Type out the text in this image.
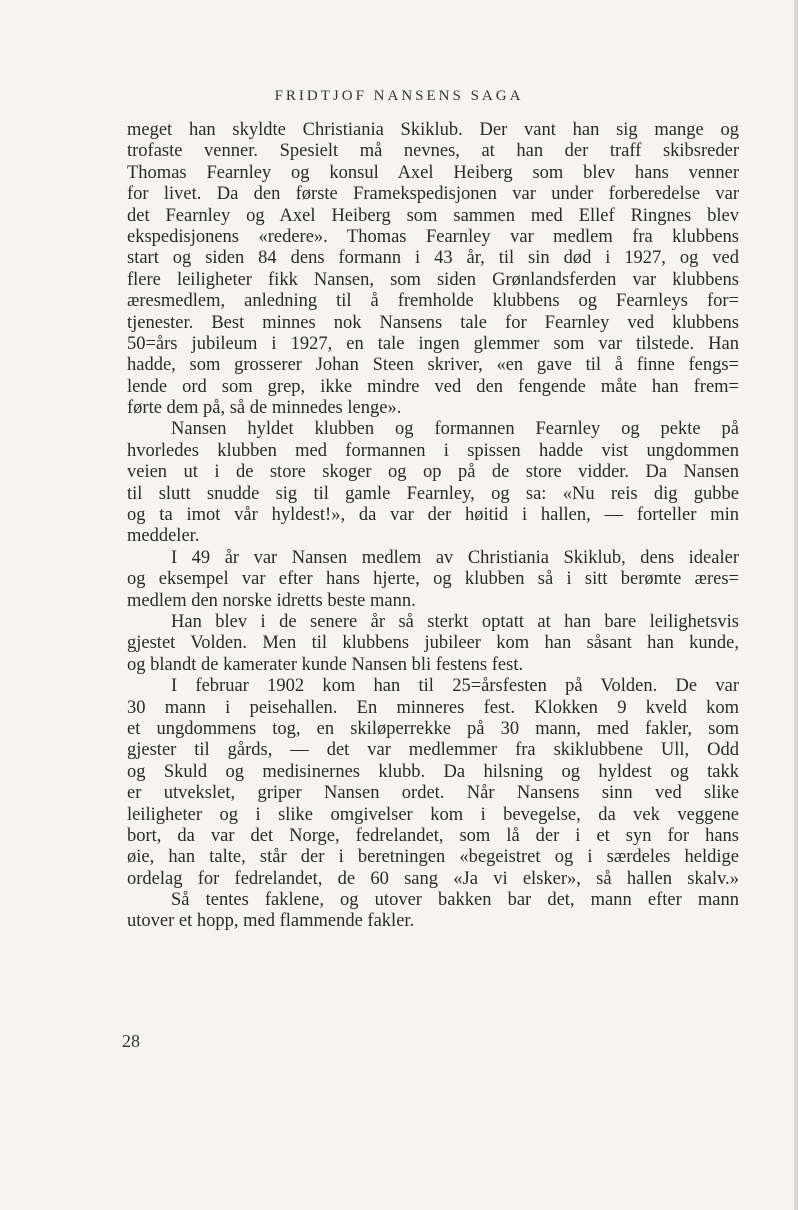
FRIDTJOF NANSENS SAGA
meget han skyldte Christiania Skiklub. Der vant han sig mange og
trofaste venner. Spesielt må nevnes, at han der traff skibsreder
Thomas Fearnley og konsul Axel Heiberg som blev hans venner
for livet. Da den første Framekspedisjonen var under forberedelse var
det Fearnley og Axel Heiberg som sammen med Ellef Ringnes blev
ekspedisjonens «redere». Thomas Fearnley var medlem fra klubbens
start og siden 84 dens formann i 43 år, til sin død i 1927, og ved
flere leiligheter fikk Nansen, som siden Grønlandsferden var klubbens
æresmedlem, anledning til å fremholde klubbens og Fearnleys for=
tjenester. Best minnes nok Nansens tale for Fearnley ved klubbens
50=års jubileum i 1927, en tale ingen glemmer som var tilstede. Han
hadde, som grosserer Johan Steen skriver, «en gave til å finne fengs=
lende ord som grep, ikke mindre ved den fengende måte han frem=
førte dem på, så de minnedes lenge».
Nansen hyldet klubben og formannen Fearnley og pekte på
hvorledes klubben med formannen i spissen hadde vist ungdommen
veien ut i de store skoger og op på de store vidder. Da Nansen
til slutt snudde sig til gamle Fearnley, og sa: «Nu reis dig gubbe
og ta imot vår hyldest!», da var der høitid i hallen, — forteller min
meddeler.
I 49 år var Nansen medlem av Christiania Skiklub, dens idealer
og eksempel var efter hans hjerte, og klubben så i sitt berømte æres=
medlem den norske idretts beste mann.
Han blev i de senere år så sterkt optatt at han bare leilighetsvis
gjestet Volden. Men til klubbens jubileer kom han såsant han kunde,
og blandt de kamerater kunde Nansen bli festens fest.
I februar 1902 kom han til 25=årsfesten på Volden. De var
30 mann i peisehallen. En minneres fest. Klokken 9 kveld kom
et ungdommens tog, en skiløperrekke på 30 mann, med fakler, som
gjester til gårds, — det var medlemmer fra skiklubbene Ull, Odd
og Skuld og medisinernes klubb. Da hilsning og hyldest og takk
er utvekslet, griper Nansen ordet. Når Nansens sinn ved slike
leiligheter og i slike omgivelser kom i bevegelse, da vek veggene
bort, da var det Norge, fedrelandet, som lå der i et syn for hans
øie, han talte, står der i beretningen «begeistret og i særdeles heldige
ordelag for fedrelandet, de 60 sang «Ja vi elsker», så hallen skalv.»
Så tentes faklene, og utover bakken bar det, mann efter mann
utover et hopp, med flammende fakler.
28
